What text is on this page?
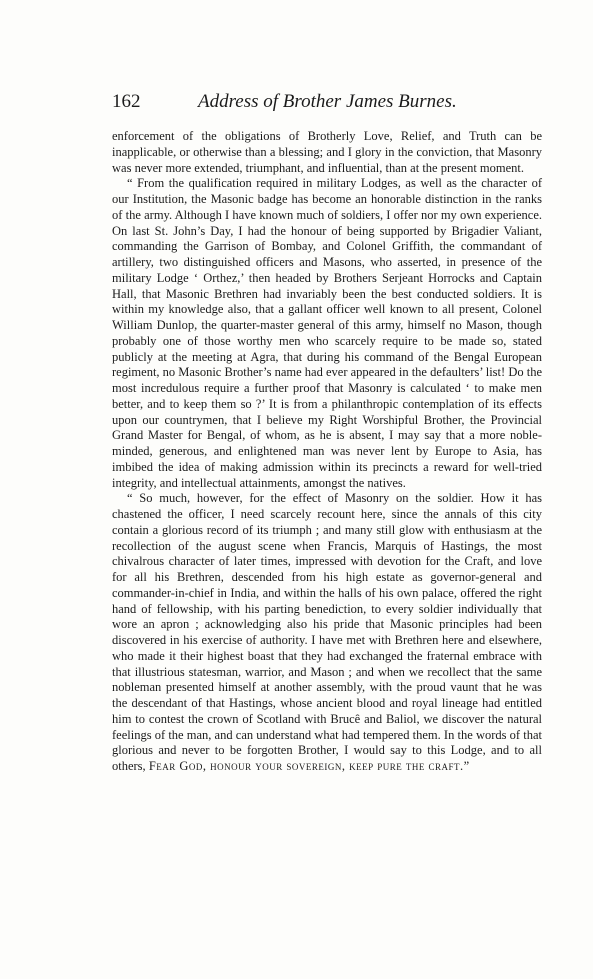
162	Address of Brother James Burnes.

enforcement of the obligations of Brotherly Love, Relief, and Truth can be inapplicable, or otherwise than a blessing; and I glory in the conviction, that Masonry was never more extended, triumphant, and influential, than at the present moment.

“ From the qualification required in military Lodges, as well as the character of our Institution, the Masonic badge has become an honorable distinction in the ranks of the army. Although I have known much of soldiers, I offer nor my own experience. On last St. John’s Day, I had the honour of being supported by Brigadier Valiant, commanding the Garrison of Bombay, and Colonel Griffith, the commandant of artillery, two distinguished officers and Masons, who asserted, in presence of the military Lodge ‘ Orthez,’ then headed by Brothers Serjeant Horrocks and Captain Hall, that Masonic Brethren had invariably been the best conducted soldiers. It is within my knowledge also, that a gallant officer well known to all present, Colonel William Dunlop, the quarter-master general of this army, himself no Mason, though probably one of those worthy men who scarcely require to be made so, stated publicly at the meeting at Agra, that during his command of the Bengal European regiment, no Masonic Brother’s name had ever appeared in the defaulters’ list! Do the most incredulous require a further proof that Masonry is calculated ‘ to make men better, and to keep them so ?’ It is from a philanthropic contemplation of its effects upon our countrymen, that I believe my Right Worshipful Brother, the Provincial Grand Master for Bengal, of whom, as he is absent, I may say that a more noble-minded, generous, and enlightened man was never lent by Europe to Asia, has imbibed the idea of making admission within its precincts a reward for well-tried integrity, and intellectual attainments, amongst the natives.

“ So much, however, for the effect of Masonry on the soldier. How it has chastened the officer, I need scarcely recount here, since the annals of this city contain a glorious record of its triumph ; and many still glow with enthusiasm at the recollection of the august scene when Francis, Marquis of Hastings, the most chivalrous character of later times, impressed with devotion for the Craft, and love for all his Brethren, descended from his high estate as governor-general and commander-in-chief in India, and within the halls of his own palace, offered the right hand of fellowship, with his parting benediction, to every soldier individually that wore an apron ; acknowledging also his pride that Masonic principles had been discovered in his exercise of authority. I have met with Brethren here and elsewhere, who made it their highest boast that they had exchanged the fraternal embrace with that illustrious statesman, warrior, and Mason ; and when we recollect that the same nobleman presented himself at another assembly, with the proud vaunt that he was the descendant of that Hastings, whose ancient blood and royal lineage had entitled him to contest the crown of Scotland with Brucê and Baliol, we discover the natural feelings of the man, and can understand what had tempered them. In the words of that glorious and never to be forgotten Brother, I would say to this Lodge, and to all others, Fear God, honour your sovereign, keep pure the craft.”
